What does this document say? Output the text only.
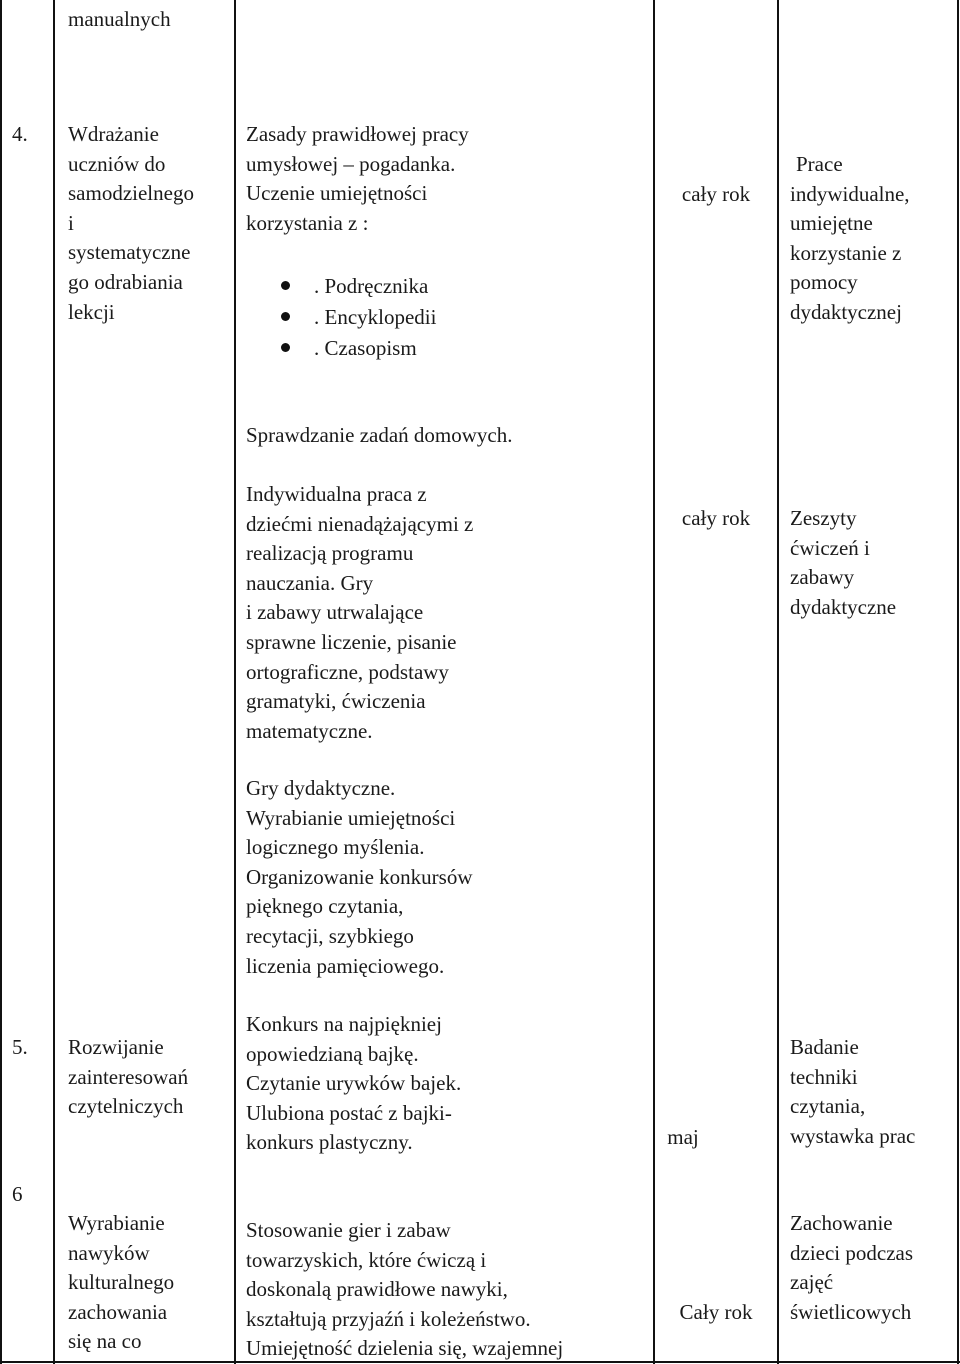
manualnych
4. Wdrażanie
uczniów do
samodzielnego
i
systematyczne
go odrabiania
lekcji
Zasady prawidłowej pracy
umysłowej – pogadanka.
Uczenie umiejętności
korzystania z :
. Podręcznika
. Encyklopedii
. Czasopism
cały rok
Prace
indywidualne,
umiejętne
korzystanie z
pomocy
dydaktycznej
Sprawdzanie zadań domowych.
Indywidualna praca z
dziećmi nienadążającymi z
realizacją programu
nauczania. Gry
i zabawy utrwalające
sprawne liczenie, pisanie
ortograficzne, podstawy
gramatyki, ćwiczenia
matematyczne.
cały rok	Zeszyty
ćwiczeń i
zabawy
dydaktyczne
Gry dydaktyczne.
Wyrabianie umiejętności
logicznego myślenia.
Organizowanie konkursów
pięknego czytania,
recytacji, szybkiego
liczenia pamięciowego.
5. Rozwijanie
zainteresowań
czytelniczych
Konkurs na najpiękniej
opowiedzianą bajkę.
Czytanie urywków bajek.
Ulubiona postać z bajki-
konkurs plastyczny.	maj
Badanie
techniki
czytania,
wystawka prac
6
Wyrabianie
nawyków
kulturalnego
zachowania
się na co
Stosowanie gier i zabaw
towarzyskich, które ćwiczą i
doskonalą prawidłowe nawyki,
kształtują przyjaźń i koleżeństwo.
Umiejętność dzielenia się, wzajemnej
Cały rok
Zachowanie
dzieci podczas
zajęć
świetlicowych
